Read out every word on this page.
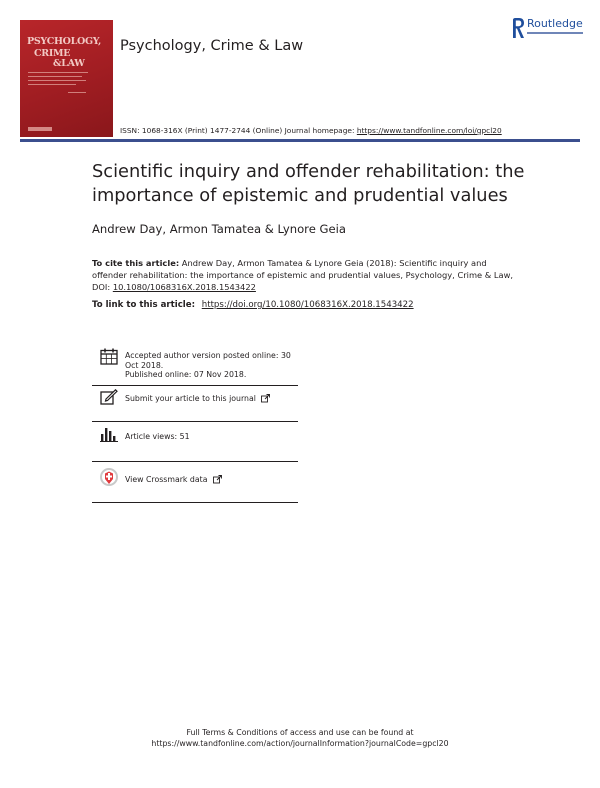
PSYCHOLOGY,
CRIME
&LAW
Psychology, Crime & Law
Routledge
ISSN: 1068-316X (Print) 1477-2744 (Online) Journal homepage: https://www.tandfonline.com/loi/gpcl20
Scientific inquiry and offender rehabilitation: the
importance of epistemic and prudential values
Andrew Day, Armon Tamatea & Lynore Geia
To cite this article: Andrew Day, Armon Tamatea & Lynore Geia (2018): Scientific inquiry and offender rehabilitation: the importance of epistemic and prudential values, Psychology, Crime & Law, DOI: 10.1080/1068316X.2018.1543422
To link to this article: https://doi.org/10.1080/1068316X.2018.1543422
Accepted author version posted online: 30
Oct 2018.
Published online: 07 Nov 2018.
Submit your article to this journal
Article views: 51
View Crossmark data
Full Terms & Conditions of access and use can be found at
https://www.tandfonline.com/action/journalInformation?journalCode=gpcl20
